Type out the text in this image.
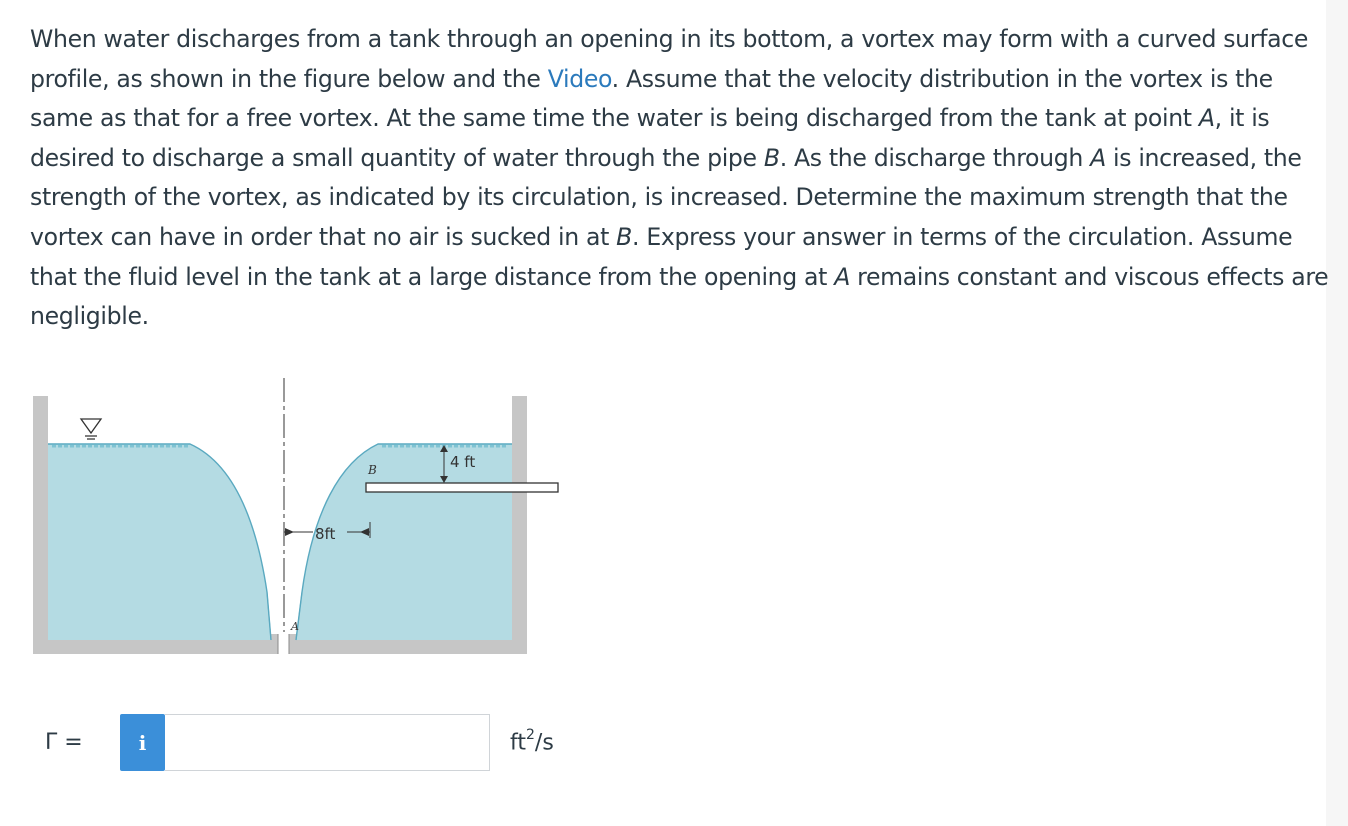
When water discharges from a tank through an opening in its bottom, a vortex may form with a curved surface profile, as shown in the figure below and the Video. Assume that the velocity distribution in the vortex is the same as that for a free vortex. At the same time the water is being discharged from the tank at point A, it is desired to discharge a small quantity of water through the pipe B. As the discharge through A is increased, the strength of the vortex, as indicated by its circulation, is increased. Determine the maximum strength that the vortex can have in order that no air is sucked in at B. Express your answer in terms of the circulation. Assume that the fluid level in the tank at a large distance from the opening at A remains constant and viscous effects are negligible.

B	4 ft
8ft
A
Γ =	i	$ft^2/s$
